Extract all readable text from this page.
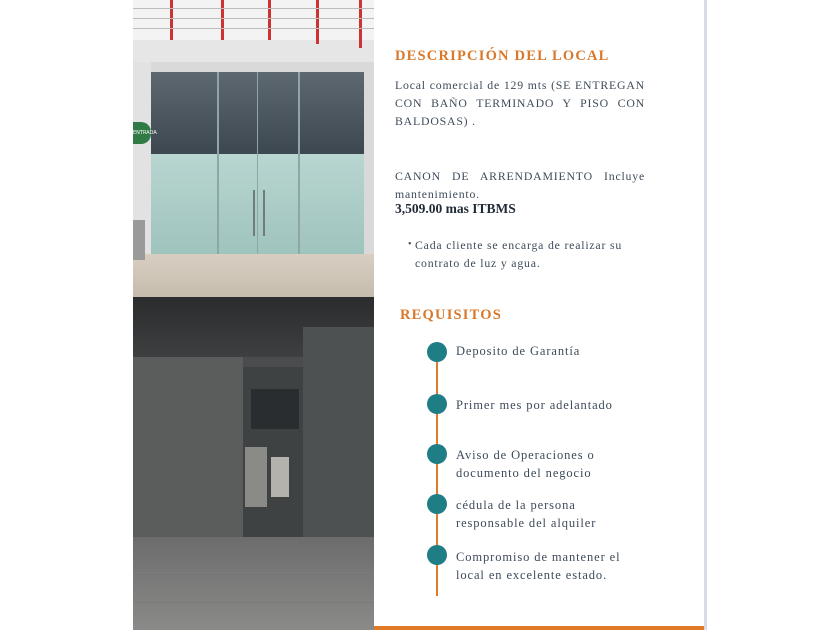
ENTRADA
DESCRIPCIÓN DEL LOCAL

Local comercial de 129 mts (SE ENTREGAN CON BAÑO TERMINADO Y PISO CON BALDOSAS) .

CANON DE ARRENDAMIENTO Incluye mantenimiento.

3,509.00 mas ITBMS

• Cada cliente se encarga de realizar su contrato de luz y agua.
REQUISITOS

Deposito de Garantía

Primer mes por adelantado

Aviso de Operaciones o documento del negocio

cédula de la persona responsable del alquiler

Compromiso de mantener el local en excelente estado.
